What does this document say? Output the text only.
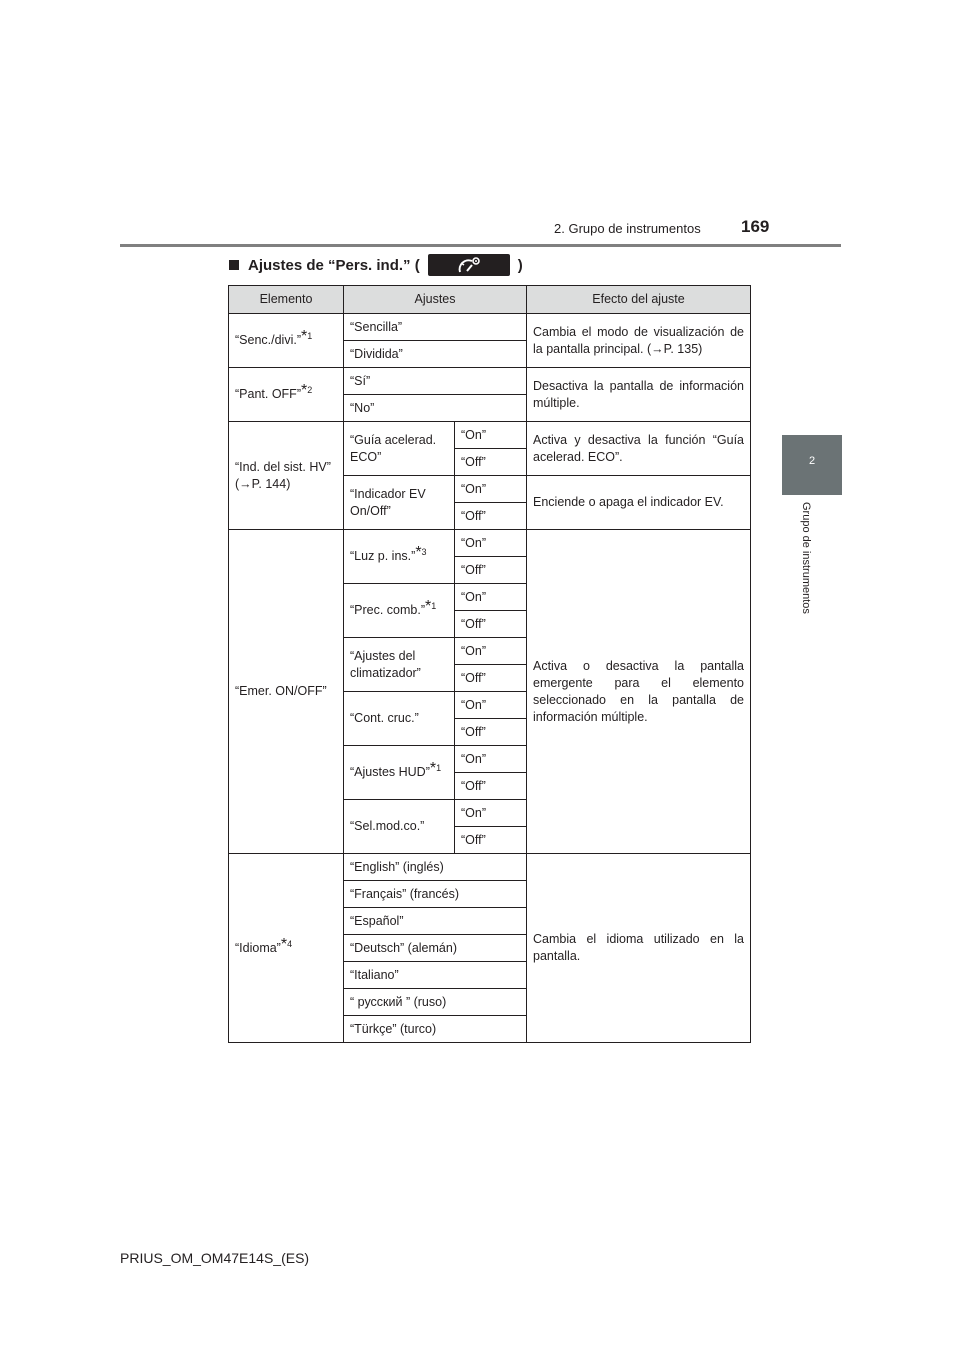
2. Grupo de instrumentos 169
2
Grupo de instrumentos
Ajustes de “Pers. ind.” (	)
Elemento	Ajustes		Efecto del ajuste
“Senc./divi.”*$^1$	“Sencilla”		Cambia el modo de visualización de la pantalla principal. (→P. 135)
	“Dividida”		
“Pant. OFF”*$^2$	“Sí”		Desactiva la pantalla de información múltiple.
	“No”		
“Ind. del sist. HV” (→P. 144)	“Guía acelerad. ECO”	“On”	Activa y desactiva la función “Guía acelerad. ECO”.
		“Off”	
	“Indicador EV On/Off”	“On”	Enciende o apaga el indicador EV.
		“Off”	
“Emer. ON/OFF”	“Luz p. ins.”*$^3$	“On”	Activa o desactiva la pantalla emergente para el elemento seleccionado en la pantalla de información múltiple.
		“Off”	
	“Prec. comb.”*$^1$	“On”	
		“Off”	
	“Ajustes del climatizador”	“On”	
		“Off”	
	“Cont. cruc.”	“On”	
		“Off”	
	“Ajustes HUD”*$^1$	“On”	
		“Off”	
	“Sel.mod.co.”	“On”	
		“Off”	
“Idioma”*$^4$	“English” (inglés)		Cambia el idioma utilizado en la pantalla.
	“Français” (francés)		
	“Español”		
	“Deutsch” (alemán)		
	“Italiano”		
	“ русский ” (ruso)		
	“Türkçe” (turco)		
PRIUS_OM_OM47E14S_(ES)
